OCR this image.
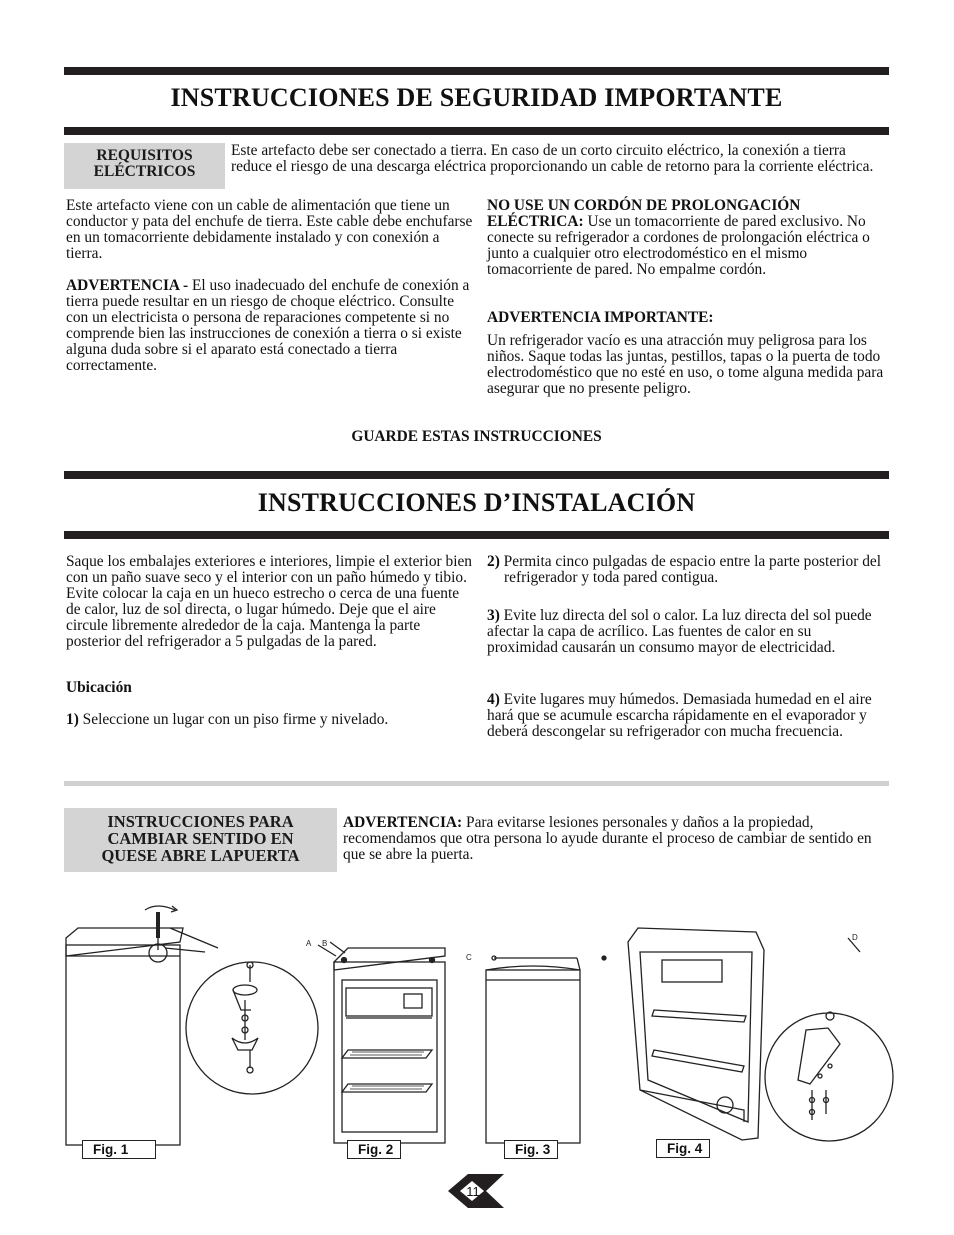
INSTRUCCIONES DE SEGURIDAD IMPORTANTE
REQUISITOS
ELÉCTRICOS

Este artefacto debe ser conectado a tierra. En caso de un corto circuito eléctrico, la conexión a tierra reduce el riesgo de una descarga eléctrica proporcionando un cable de retorno para la corriente eléctrica.

Este artefacto viene con un cable de alimentación que tiene un conductor y pata del enchufe de tierra. Este cable debe enchufarse en un tomacorriente debidamente instalado y con conexión a tierra.

ADVERTENCIA - El uso inadecuado del enchufe de conexión a tierra puede resultar en un riesgo de choque eléctrico. Consulte con un electricista o persona de reparaciones competente si no comprende bien las instrucciones de conexión a tierra o si existe alguna duda sobre si el aparato está conectado a tierra correctamente.

NO USE UN CORDÓN DE PROLONGACIÓN ELÉCTRICA: Use un tomacorriente de pared exclusivo. No conecte su refrigerador a cordones de prolongación eléctrica o junto a cualquier otro electrodoméstico en el mismo tomacorriente de pared. No empalme cordón.

ADVERTENCIA IMPORTANTE:

Un refrigerador vacío es una atracción muy peligrosa para los niños. Saque todas las juntas, pestillos, tapas o la puerta de todo electrodoméstico que no esté en uso, o tome alguna medida para asegurar que no presente peligro.

GUARDE ESTAS INSTRUCCIONES

INSTRUCCIONES D’INSTALACIÓN

Saque los embalajes exteriores e interiores, limpie el exterior bien con un paño suave seco y el interior con un paño húmedo y tibio. Evite colocar la caja en un hueco estrecho o cerca de una fuente de calor, luz de sol directa, o lugar húmedo. Deje que el aire circule libremente alrededor de la caja. Mantenga la parte posterior del refrigerador a 5 pulgadas de la pared.

Ubicación

1) Seleccione un lugar con un piso firme y nivelado.

2) Permita cinco pulgadas de espacio entre la parte posterior del refrigerador y toda pared contigua.

3) Evite luz directa del sol o calor. La luz directa del sol puede afectar la capa de acrílico. Las fuentes de calor en su proximidad causarán un consumo mayor de electricidad.

4) Evite lugares muy húmedos. Demasiada humedad en el aire hará que se acumule escarcha rápidamente en el evaporador y deberá descongelar su refrigerador con mucha frecuencia.

INSTRUCCIONES PARA
CAMBIAR SENTIDO EN
QUESE ABRE LAPUERTA

ADVERTENCIA: Para evitarse lesiones personales y daños a la propiedad, recomendamos que otra persona lo ayude durante el proceso de cambiar de sentido en que se abre la puerta.

A B
C
D
Fig. 1	Fig. 2	Fig. 3	Fig. 4
11
